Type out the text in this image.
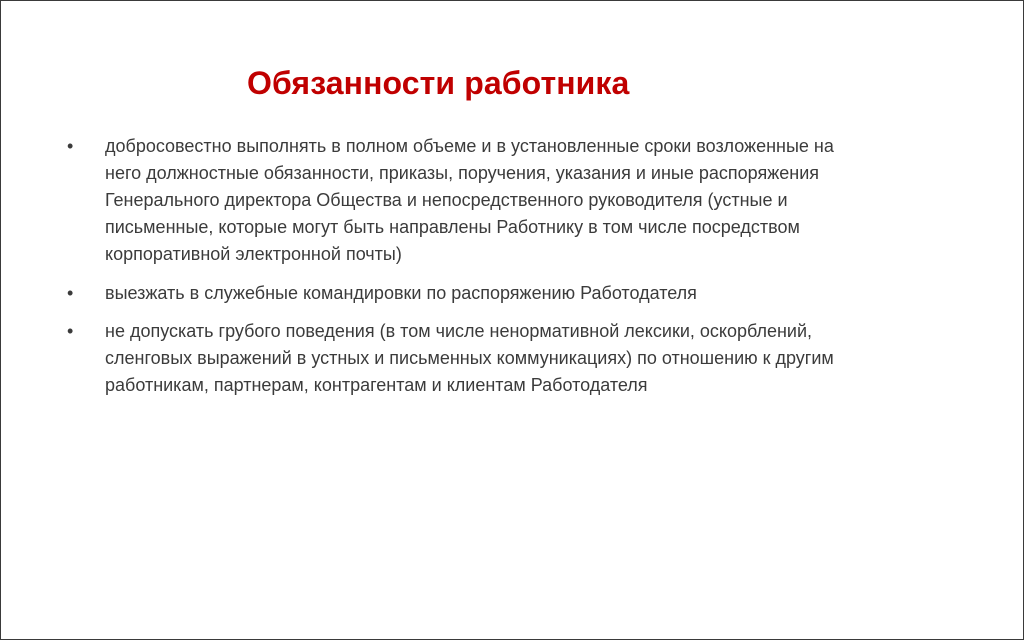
Обязанности работника
• добросовестно выполнять в полном объеме и в установленные сроки возложенные на
него должностные обязанности, приказы, поручения, указания и иные распоряжения
Генерального директора Общества и непосредственного руководителя (устные и
письменные, которые могут быть направлены Работнику в том числе посредством
корпоративной электронной почты)
• выезжать в служебные командировки по распоряжению Работодателя
• не допускать грубого поведения (в том числе ненормативной лексики, оскорблений,
сленговых выражений в устных и письменных коммуникациях) по отношению к другим
работникам, партнерам, контрагентам и клиентам Работодателя
